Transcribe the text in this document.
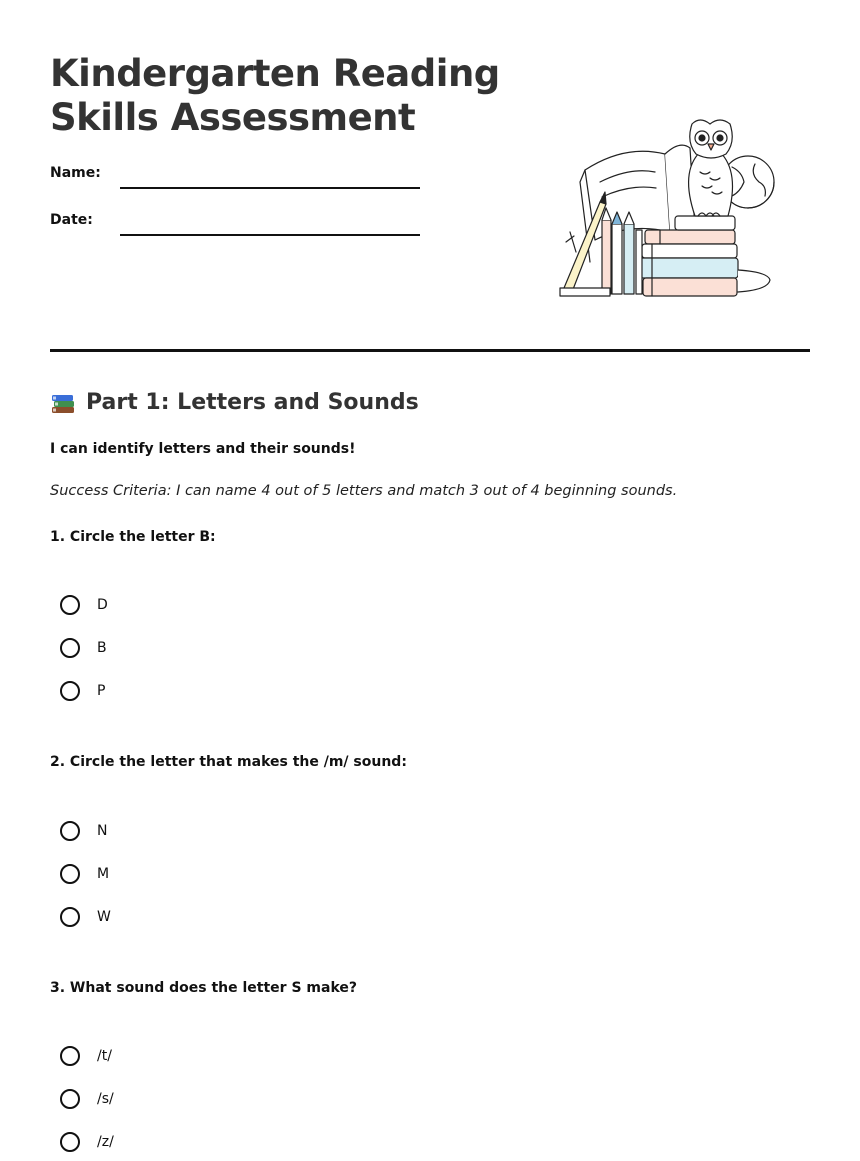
Kindergarten Reading
Skills Assessment
Name:
Date:
Part 1: Letters and Sounds
I can identify letters and their sounds!
Success Criteria: I can name 4 out of 5 letters and match 3 out of 4 beginning sounds.
1. Circle the letter B:
D
B
P
2. Circle the letter that makes the /m/ sound:
N
M
W
3. What sound does the letter S make?
/t/
/s/
/z/
